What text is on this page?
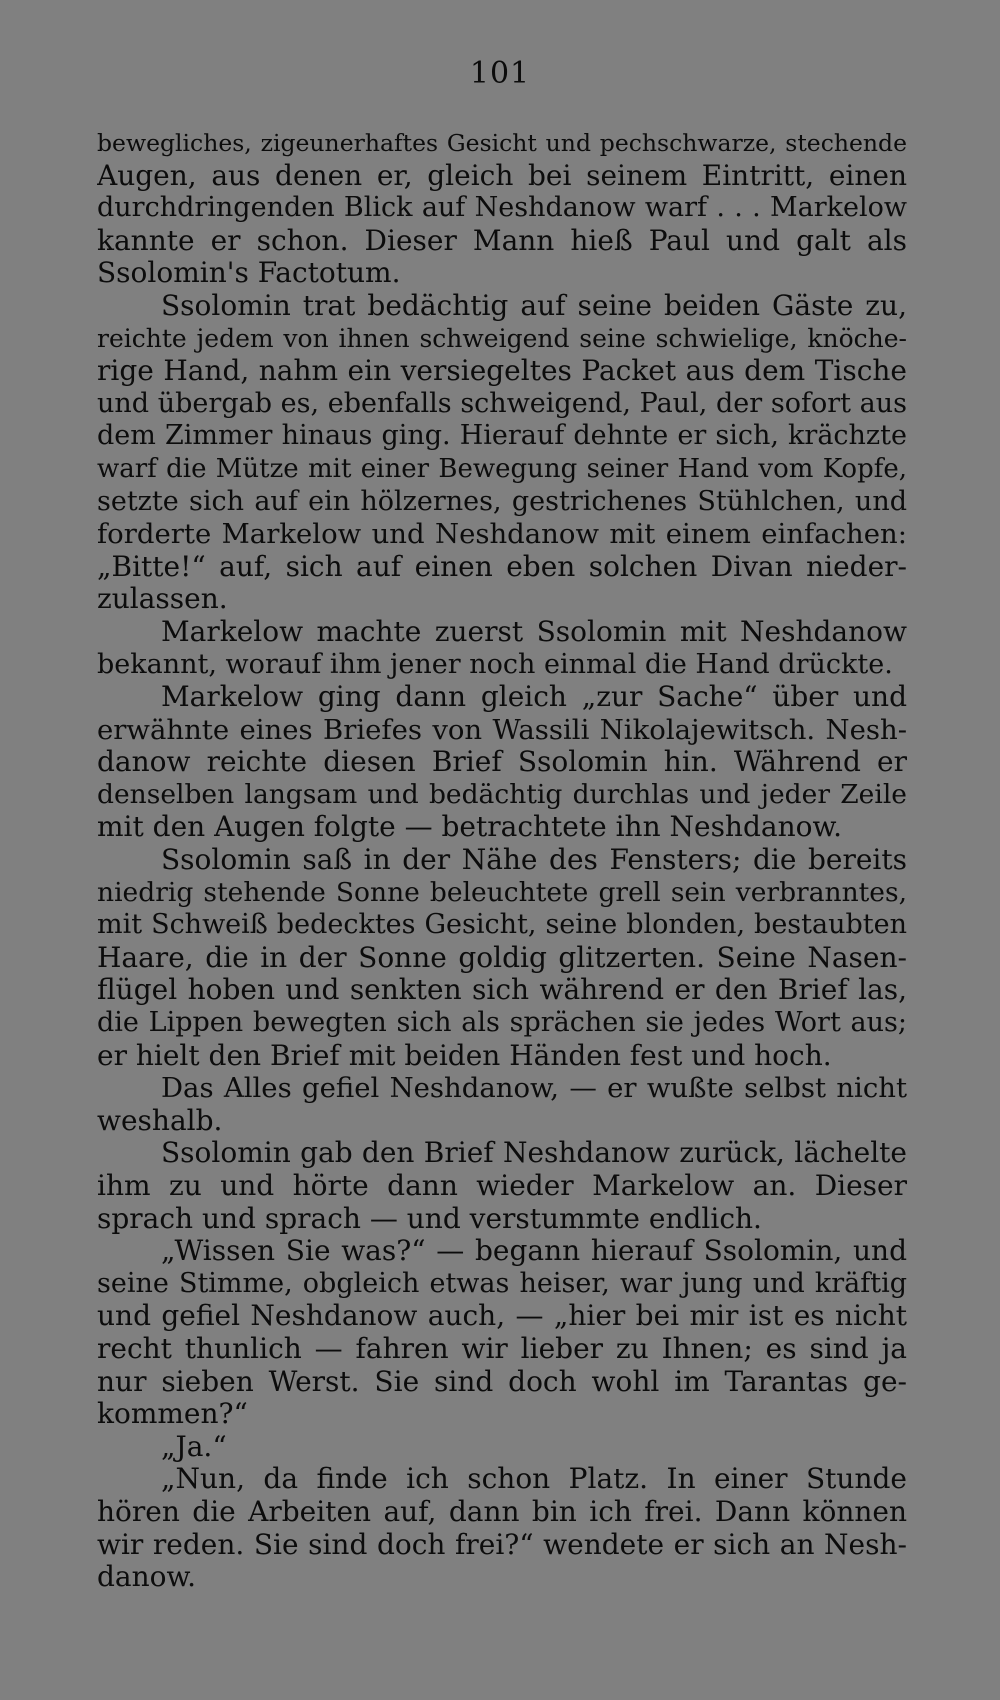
101
bewegliches, zigeunerhaftes Gesicht und pechschwarze, stechende
Augen, aus denen er, gleich bei seinem Eintritt, einen
durchdringenden Blick auf Neshdanow warf . . . Markelow
kannte er schon. Dieser Mann hieß Paul und galt als
Ssolomin's Factotum.
Ssolomin trat bedächtig auf seine beiden Gäste zu,
reichte jedem von ihnen schweigend seine schwielige, knöche-
rige Hand, nahm ein versiegeltes Packet aus dem Tische
und übergab es, ebenfalls schweigend, Paul, der sofort aus
dem Zimmer hinaus ging. Hierauf dehnte er sich, krächzte
warf die Mütze mit einer Bewegung seiner Hand vom Kopfe,
setzte sich auf ein hölzernes, gestrichenes Stühlchen, und
forderte Markelow und Neshdanow mit einem einfachen:
„Bitte!“ auf, sich auf einen eben solchen Divan nieder-
zulassen.
Markelow machte zuerst Ssolomin mit Neshdanow
bekannt, worauf ihm jener noch einmal die Hand drückte.
Markelow ging dann gleich „zur Sache“ über und
erwähnte eines Briefes von Wassili Nikolajewitsch. Nesh-
danow reichte diesen Brief Ssolomin hin. Während er
denselben langsam und bedächtig durchlas und jeder Zeile
mit den Augen folgte — betrachtete ihn Neshdanow.
Ssolomin saß in der Nähe des Fensters; die bereits
niedrig stehende Sonne beleuchtete grell sein verbranntes,
mit Schweiß bedecktes Gesicht, seine blonden, bestaubten
Haare, die in der Sonne goldig glitzerten. Seine Nasen-
flügel hoben und senkten sich während er den Brief las,
die Lippen bewegten sich als sprächen sie jedes Wort aus;
er hielt den Brief mit beiden Händen fest und hoch.
Das Alles gefiel Neshdanow, — er wußte selbst nicht
weshalb.
Ssolomin gab den Brief Neshdanow zurück, lächelte
ihm zu und hörte dann wieder Markelow an. Dieser
sprach und sprach — und verstummte endlich.
„Wissen Sie was?“ — begann hierauf Ssolomin, und
seine Stimme, obgleich etwas heiser, war jung und kräftig
und gefiel Neshdanow auch, — „hier bei mir ist es nicht
recht thunlich — fahren wir lieber zu Ihnen; es sind ja
nur sieben Werst. Sie sind doch wohl im Tarantas ge-
kommen?“
„Ja.“
„Nun, da finde ich schon Platz. In einer Stunde
hören die Arbeiten auf, dann bin ich frei. Dann können
wir reden. Sie sind doch frei?“ wendete er sich an Nesh-
danow.
